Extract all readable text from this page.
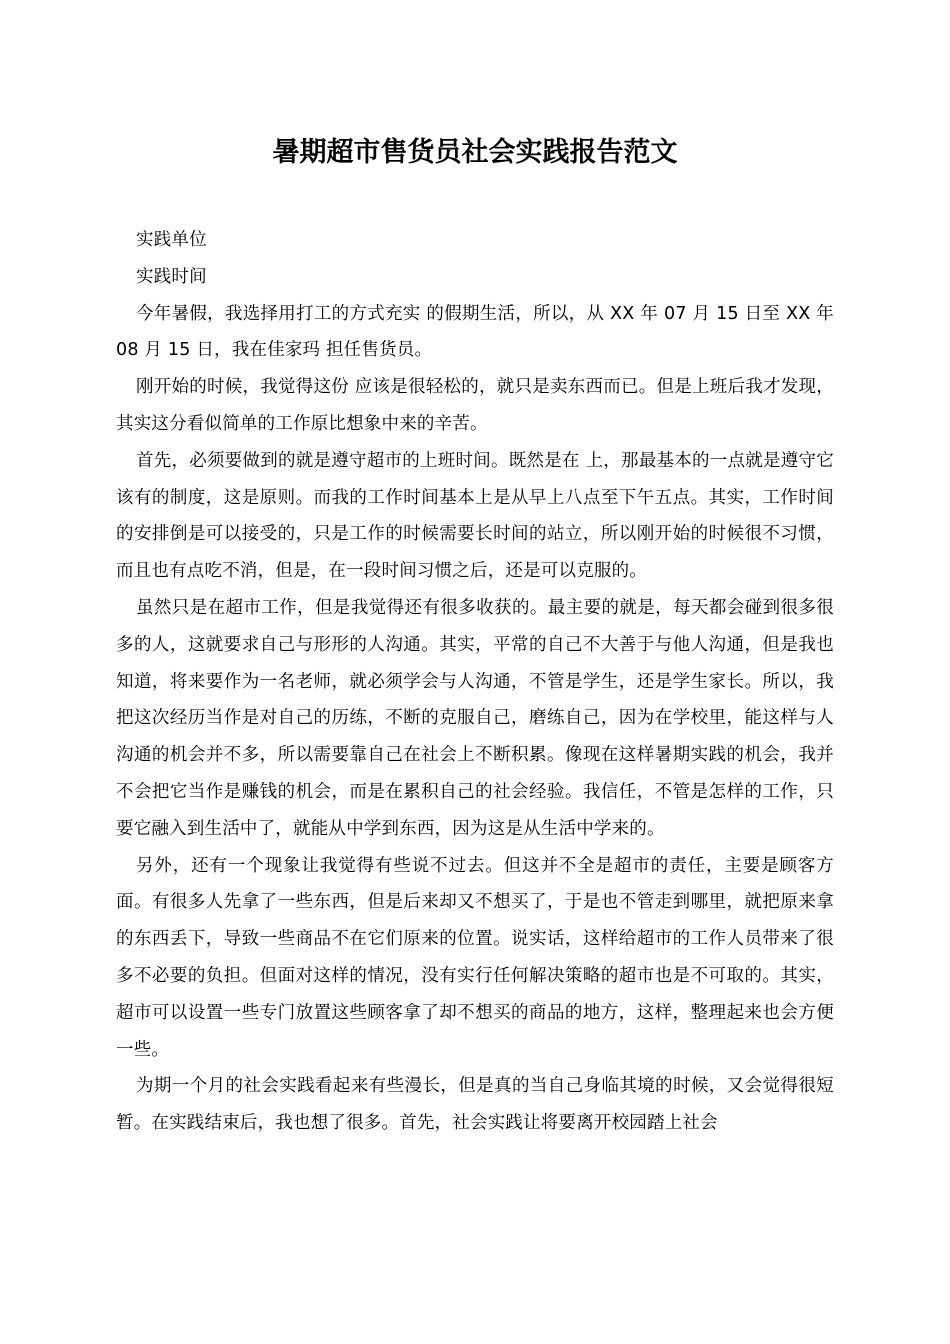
暑期超市售货员社会实践报告范文

实践单位

实践时间

今年暑假，我选择用打工的方式充实 的假期生活，所以，从 XX 年 07 月 15 日至 XX 年 08 月 15 日，我在佳家玛 担任售货员。

刚开始的时候，我觉得这份 应该是很轻松的，就只是卖东西而已。但是上班后我才发现，其实这分看似简单的工作原比想象中来的辛苦。

首先，必须要做到的就是遵守超市的上班时间。既然是在 上，那最基本的一点就是遵守它该有的制度，这是原则。而我的工作时间基本上是从早上八点至下午五点。其实，工作时间的安排倒是可以接受的，只是工作的时候需要长时间的站立，所以刚开始的时候很不习惯，而且也有点吃不消，但是，在一段时间习惯之后，还是可以克服的。

虽然只是在超市工作，但是我觉得还有很多收获的。最主要的就是，每天都会碰到很多很多的人，这就要求自己与形形的人沟通。其实，平常的自己不大善于与他人沟通，但是我也知道，将来要作为一名老师，就必须学会与人沟通，不管是学生，还是学生家长。所以，我把这次经历当作是对自己的历练，不断的克服自己，磨练自己，因为在学校里，能这样与人沟通的机会并不多，所以需要靠自己在社会上不断积累。像现在这样暑期实践的机会，我并不会把它当作是赚钱的机会，而是在累积自己的社会经验。我信任，不管是怎样的工作，只要它融入到生活中了，就能从中学到东西，因为这是从生活中学来的。

另外，还有一个现象让我觉得有些说不过去。但这并不全是超市的责任，主要是顾客方面。有很多人先拿了一些东西，但是后来却又不想买了，于是也不管走到哪里，就把原来拿的东西丢下，导致一些商品不在它们原来的位置。说实话，这样给超市的工作人员带来了很多不必要的负担。但面对这样的情况，没有实行任何解决策略的超市也是不可取的。其实，超市可以设置一些专门放置这些顾客拿了却不想买的商品的地方，这样，整理起来也会方便一些。

为期一个月的社会实践看起来有些漫长，但是真的当自己身临其境的时候，又会觉得很短暂。在实践结束后，我也想了很多。首先，社会实践让将要离开校园踏上社会
